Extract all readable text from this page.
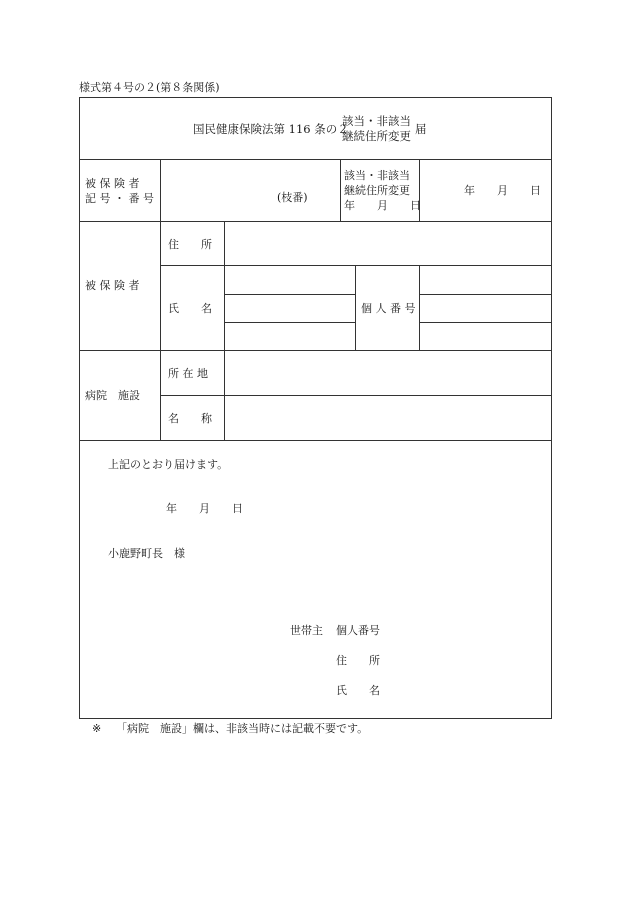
様式第４号の２(第８条関係)
国民健康保険法第 116 条の２
該当・非該当
継続住所変更 届
被 保 険 者
記 号 ・ 番 号	(枝番)
該当・非該当
継続住所変更
年　　月　　日
年　　月　　日
被 保 険 者
住　　所
氏　　名	個 人 番 号
病院　施設
所 在 地
名　　称
上記のとおり届けます。
年　　月　　日
小鹿野町長　様
世帯主 個人番号
住　　所
氏　　名
※ 「病院　施設」欄は、非該当時には記載不要です。
